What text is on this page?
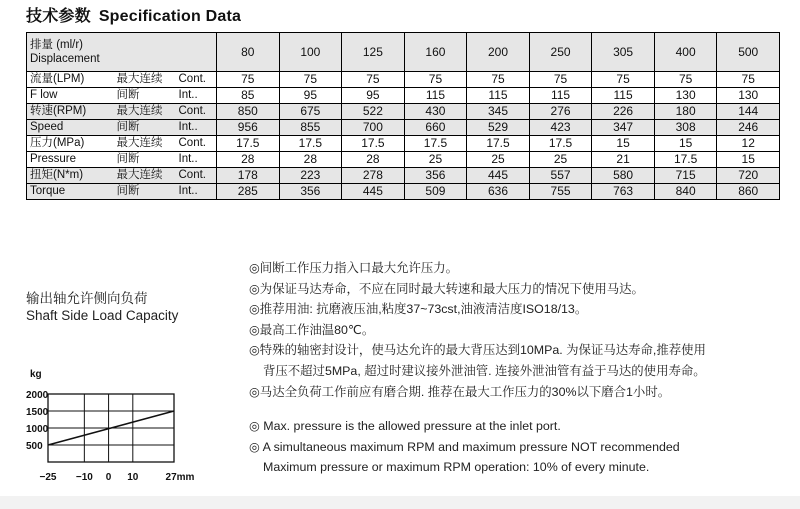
技术参数 Specification Data
排量 (ml/r)
Displacement			80	100	125	160	200	250	305	400	500
流量(LPM)	最大连续	Cont.	75	75	75	75	75	75	75	75	75
F low	间断	Int..	85	95	95	115	115	115	115	130	130
转速(RPM)	最大连续	Cont.	850	675	522	430	345	276	226	180	144
Speed	间断	Int..	956	855	700	660	529	423	347	308	246
压力(MPa)	最大连续	Cont.	17.5	17.5	17.5	17.5	17.5	17.5	15	15	12
Pressure	间断	Int..	28	28	28	25	25	25	21	17.5	15
扭矩(N*m)	最大连续	Cont.	178	223	278	356	445	557	580	715	720
Torque	间断	Int..	285	356	445	509	636	755	763	840	860
输出轴允许侧向负荷
Shaft Side Load Capacity
kg
2000
1500
1000
500
−25 −10 0 10	27mm
◎间断工作压力指入口最大允许压力。
◎为保证马达寿命，不应在同时最大转速和最大压力的情况下使用马达。
◎推荐用油: 抗磨液压油,粘度37~73cst,油液清洁度ISO18/13。
◎最高工作油温80℃。
◎特殊的轴密封设计，使马达允许的最大背压达到10MPa. 为保证马达寿命,推荐使用
背压不超过5MPa, 超过时建议接外泄油管. 连接外泄油管有益于马达的使用寿命。
◎马达全负荷工作前应有磨合期. 推荐在最大工作压力的30%以下磨合1小时。
◎ Max. pressure is the allowed pressure at the inlet port.
◎ A simultaneous maximum RPM and maximum pressure NOT recommended
Maximum pressure or maximum RPM operation: 10% of every minute.
